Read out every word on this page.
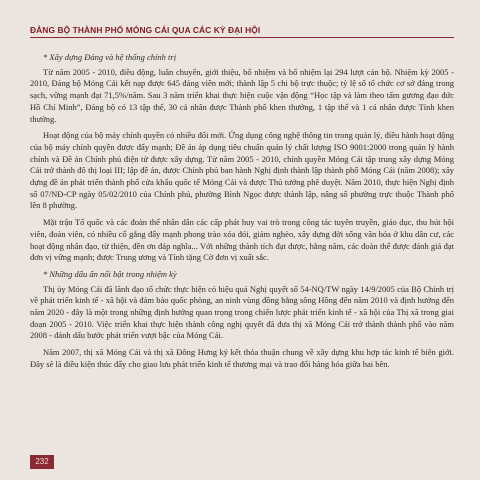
ĐẢNG BỘ THÀNH PHỐ MÓNG CÁI QUA CÁC KỲ ĐẠI HỘI

* Xây dựng Đảng và hệ thống chính trị

Từ năm 2005 - 2010, điều động, luân chuyển, giới thiệu, bổ nhiệm và bổ nhiệm lại 294 lượt cán bộ. Nhiệm kỳ 2005 - 2010, Đảng bộ Móng Cái kết nạp được 645 đảng viên mới; thành lập 5 chi bộ trực thuộc; tỷ lệ số tổ chức cơ sở đảng trong sạch, vững mạnh đạt 71,5%/năm. Sau 3 năm triển khai thực hiện cuộc vận động “Học tập và làm theo tấm gương đạo đức Hồ Chí Minh”, Đảng bộ có 13 tập thể, 30 cá nhân được Thành phố khen thưởng, 1 tập thể và 1 cá nhân được Tỉnh khen thưởng.

Hoạt động của bộ máy chính quyền có nhiều đổi mới. Ứng dụng công nghệ thông tin trong quản lý, điều hành hoạt động của bộ máy chính quyền được đẩy mạnh; Đề án áp dụng tiêu chuẩn quản lý chất lượng ISO 9001:2000 trong quản lý hành chính và Đề án Chính phủ điện tử được xây dựng. Từ năm 2005 - 2010, chính quyền Móng Cái tập trung xây dựng Móng Cái trở thành đô thị loại III; lập đề án, được Chính phủ ban hành Nghị định thành lập thành phố Móng Cái (năm 2008); xây dựng đề án phát triển thành phố cửa khẩu quốc tế Móng Cái và được Thủ tướng phê duyệt. Năm 2010, thực hiện Nghị định số 07/NĐ-CP ngày 05/02/2010 của Chính phủ, phường Bình Ngọc được thành lập, nâng số phường trực thuộc Thành phố lên 8 phường.

Mặt trận Tổ quốc và các đoàn thể nhân dân các cấp phát huy vai trò trong công tác tuyên truyền, giáo dục, thu hút hội viên, đoàn viên, có nhiều cố gắng đẩy mạnh phong trào xóa đói, giảm nghèo, xây dựng đời sống văn hóa ở khu dân cư, các hoạt động nhân đạo, từ thiện, đền ơn đáp nghĩa... Với những thành tích đạt được, hằng năm, các đoàn thể được đánh giá đạt đơn vị vững mạnh; được Trung ương và Tỉnh tặng Cờ đơn vị xuất sắc.

* Những dấu ấn nổi bật trong nhiệm kỳ

Thị ủy Móng Cái đã lãnh đạo tổ chức thực hiện có hiệu quả Nghị quyết số 54-NQ/TW ngày 14/9/2005 của Bộ Chính trị về phát triển kinh tế - xã hội và đảm bảo quốc phòng, an ninh vùng đồng bằng sông Hồng đến năm 2010 và định hướng đến năm 2020 - đây là một trong những định hướng quan trọng trong chiến lược phát triển kinh tế - xã hội của Thị xã trong giai đoạn 2005 - 2010. Việc triển khai thực hiện thành công nghị quyết đã đưa thị xã Móng Cái trở thành thành phố vào năm 2008 - đánh dấu bước phát triển vượt bậc của Móng Cái.

Năm 2007, thị xã Móng Cái và thị xã Đông Hưng ký kết thỏa thuận chung về xây dựng khu hợp tác kinh tế biên giới. Đây sẽ là điều kiện thúc đẩy cho giao lưu phát triển kinh tế thương mại và trao đổi hàng hóa giữa hai bên.

232
